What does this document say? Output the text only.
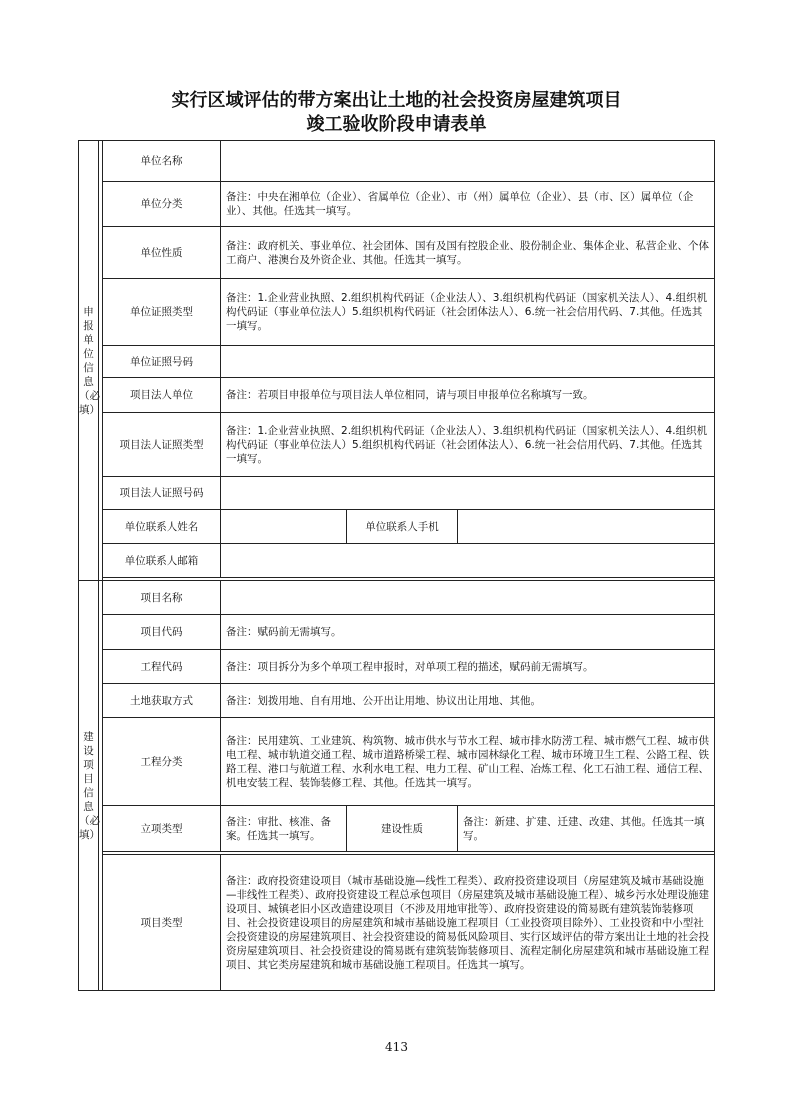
实行区域评估的带方案出让土地的社会投资房屋建筑项目
竣工验收阶段申请表单
申报单位信息（必填）		单位名称			
		单位分类	备注：中央在湘单位（企业）、省属单位（企业）、市（州）属单位（企业）、县（市、区）属单位（企业）、其他。任选其一填写。		
		单位性质	备注：政府机关、事业单位、社会团体、国有及国有控股企业、股份制企业、集体企业、私营企业、个体工商户、港澳台及外资企业、其他。任选其一填写。		
		单位证照类型	备注：1.企业营业执照、2.组织机构代码证（企业法人）、3.组织机构代码证（国家机关法人）、4.组织机构代码证（事业单位法人）5.组织机构代码证（社会团体法人）、6.统一社会信用代码、7.其他。任选其一填写。		
		单位证照号码			
		项目法人单位	备注：若项目申报单位与项目法人单位相同，请与项目申报单位名称填写一致。		
		项目法人证照类型	备注：1.企业营业执照、2.组织机构代码证（企业法人）、3.组织机构代码证（国家机关法人）、4.组织机构代码证（事业单位法人）5.组织机构代码证（社会团体法人）、6.统一社会信用代码、7.其他。任选其一填写。		
		项目法人证照号码			
		单位联系人姓名		单位联系人手机	
		单位联系人邮箱			

建设项目信息（必填）		项目名称			
		项目代码	备注：赋码前无需填写。		
		工程代码	备注：项目拆分为多个单项工程申报时，对单项工程的描述，赋码前无需填写。		
		土地获取方式	备注：划拨用地、自有用地、公开出让用地、协议出让用地、其他。		
		工程分类	备注：民用建筑、工业建筑、构筑物、城市供水与节水工程、城市排水防涝工程、城市燃气工程、城市供电工程、城市轨道交通工程、城市道路桥梁工程、城市园林绿化工程、城市环境卫生工程、公路工程、铁路工程、港口与航道工程、水利水电工程、电力工程、矿山工程、冶炼工程、化工石油工程、通信工程、机电安装工程、装饰装修工程、其他。任选其一填写。		
		立项类型	备注：审批、核准、备案。任选其一填写。	建设性质	备注：新建、扩建、迁建、改建、其他。任选其一填写。

		项目类型	备注：政府投资建设项目（城市基础设施—线性工程类）、政府投资建设项目（房屋建筑及城市基础设施—非线性工程类）、政府投资建设工程总承包项目（房屋建筑及城市基础设施工程）、城乡污水处理设施建设项目、城镇老旧小区改造建设项目（不涉及用地审批等）、政府投资建设的简易既有建筑装饰装修项目、社会投资建设项目的房屋建筑和城市基础设施工程项目（工业投资项目除外）、工业投资和中小型社会投资建设的房屋建筑项目、社会投资建设的简易低风险项目、实行区域评估的带方案出让土地的社会投资房屋建筑项目、社会投资建设的简易既有建筑装饰装修项目、流程定制化房屋建筑和城市基础设施工程项目、其它类房屋建筑和城市基础设施工程项目。任选其一填写。		
413
